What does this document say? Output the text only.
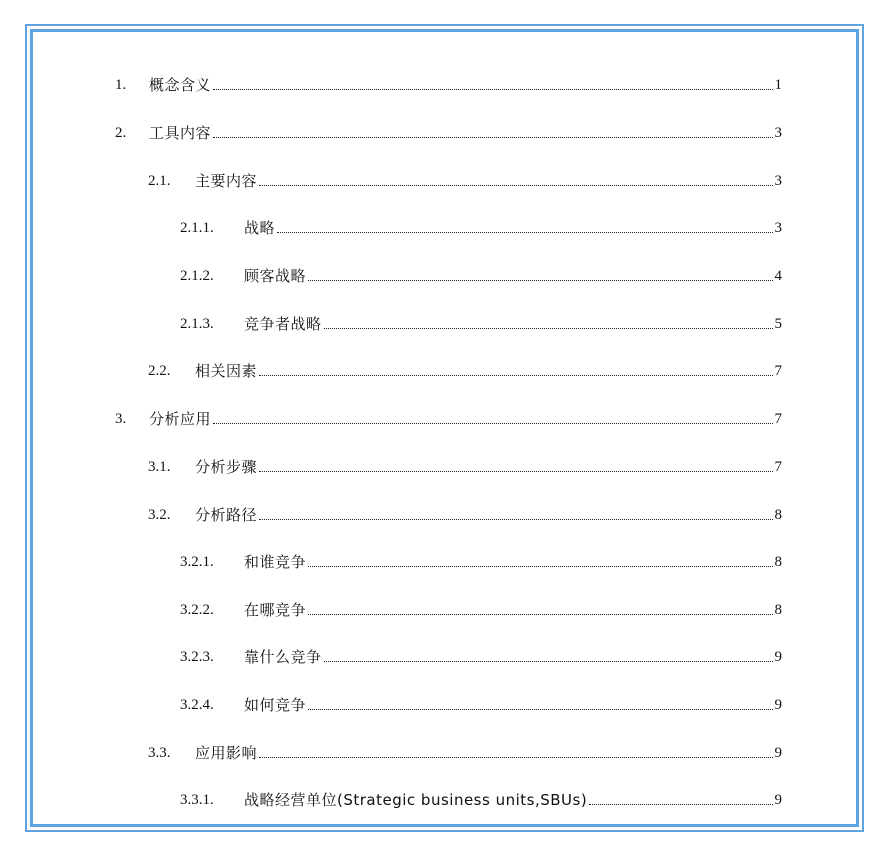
1.	概念含义	1
2.	工具内容	3
2.1.	主要内容	3
2.1.1.	战略	3
2.1.2.	顾客战略	4
2.1.3.	竞争者战略	5
2.2.	相关因素	7
3.	分析应用	7
3.1.	分析步骤	7
3.2.	分析路径	8
3.2.1.	和谁竞争	8
3.2.2.	在哪竞争	8
3.2.3.	靠什么竞争	9
3.2.4.	如何竞争	9
3.3.	应用影响	9
3.3.1.	战略经营单位(Strategic business units,SBUs)	9
